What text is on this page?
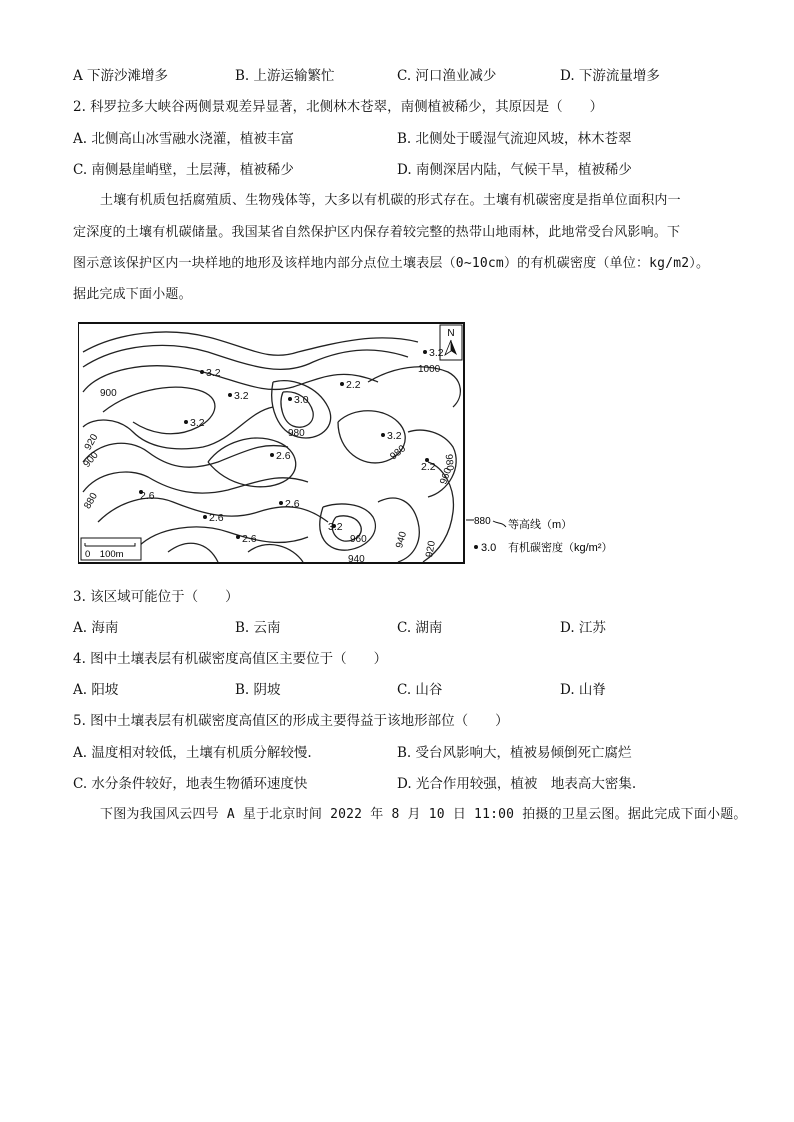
A 下游沙滩增多	B. 上游运输繁忙	C. 河口渔业减少	D. 下游流量增多
2. 科罗拉多大峡谷两侧景观差异显著，北侧林木苍翠，南侧植被稀少，其原因是（　　）
A. 北侧高山冰雪融水浇灌，植被丰富	B. 北侧处于暖湿气流迎风坡，林木苍翠
C. 南侧悬崖峭壁，土层薄，植被稀少	D. 南侧深居内陆，气候干旱，植被稀少
土壤有机质包括腐殖质、生物残体等，大多以有机碳的形式存在。土壤有机碳密度是指单位面积内一
定深度的土壤有机碳储量。我国某省自然保护区内保存着较完整的热带山地雨林，此地常受台风影响。下
图示意该保护区内一块样地的地形及该样地内部分点位土壤表层（0~10cm）的有机碳密度（单位：kg/m2）。
据此完成下面小题。
N
1000
980
900
920
900
880
980
960
960
940
940 920
980
3.2
3.2
3.2
2.2
3.0
3.2
3.2
2.6
2.2
2.6
2.6
2.6
2.6
3.2
0　100m
880 等高线（m）
3.0 有机碳密度（kg/m²）
3. 该区域可能位于（　　）
A. 海南	B. 云南	C. 湖南	D. 江苏
4. 图中土壤表层有机碳密度高值区主要位于（　　）
A. 阳坡	B. 阴坡	C. 山谷	D. 山脊
5. 图中土壤表层有机碳密度高值区的形成主要得益于该地形部位（　　）
A. 温度相对较低，土壤有机质分解较慢.	B. 受台风影响大，植被易倾倒死亡腐烂
C. 水分条件较好，地表生物循环速度快	D. 光合作用较强，植被　地表高大密集.
下图为我国风云四号 A 星于北京时间 2022 年 8 月 10 日 11:00 拍摄的卫星云图。据此完成下面小题。
